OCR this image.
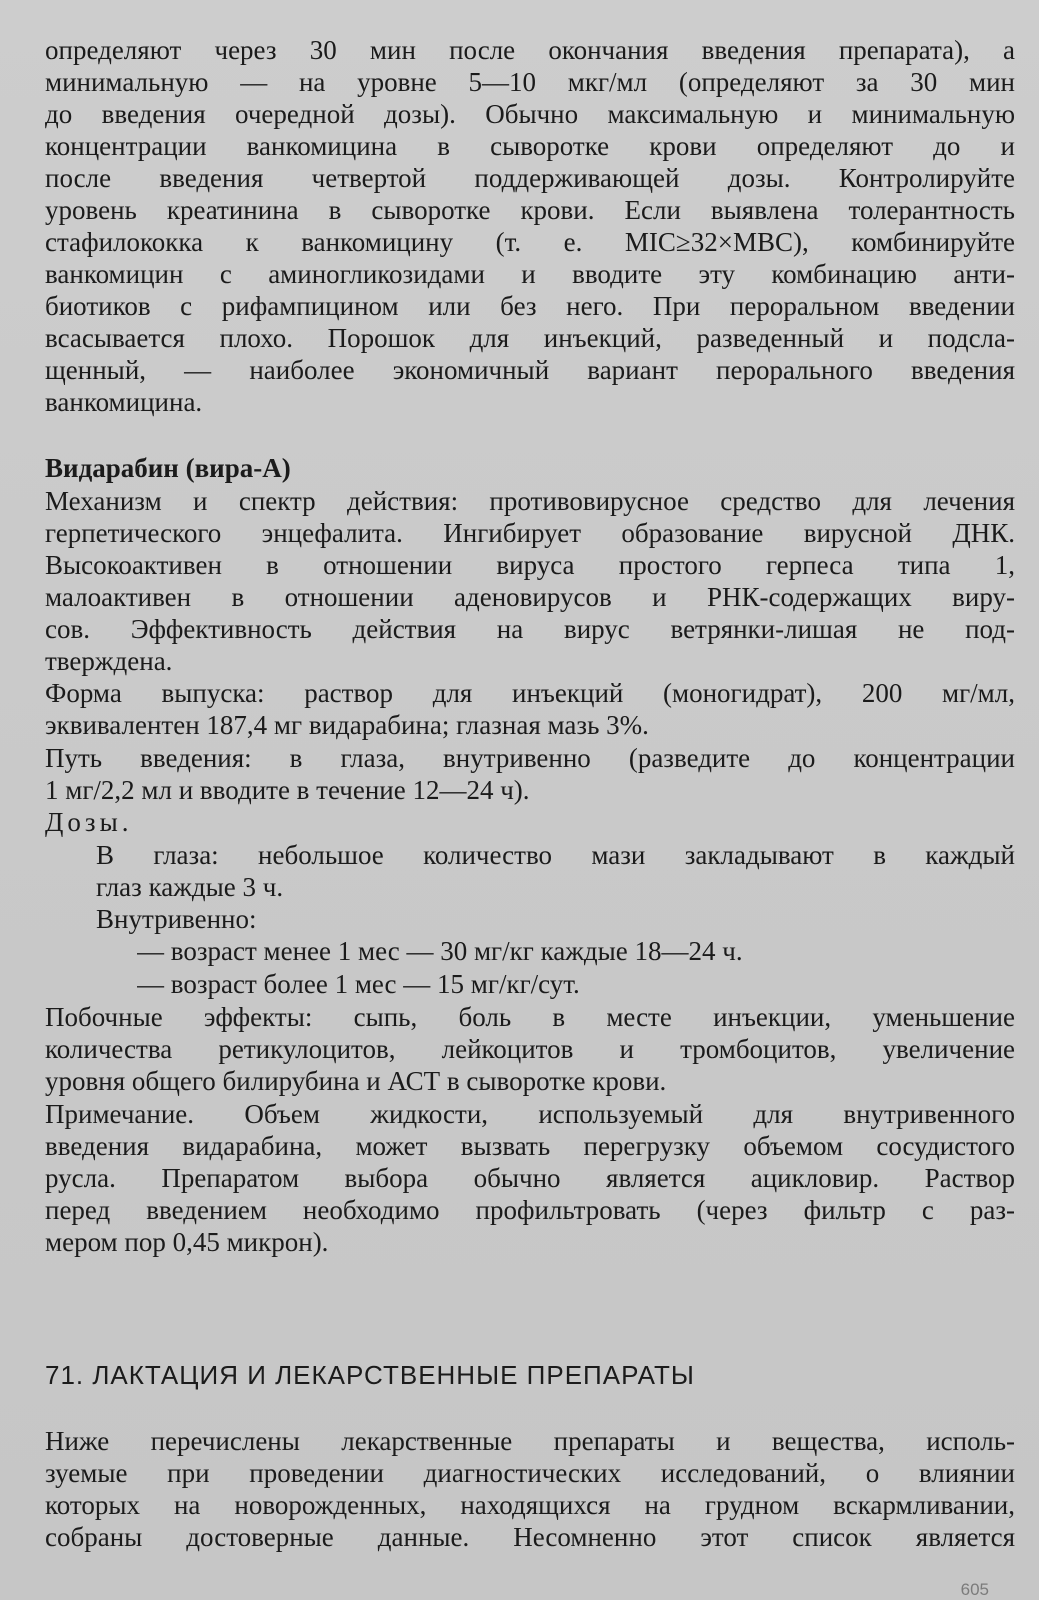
определяют через 30 мин после окончания введения препарата), а

минимальную — на уровне 5—10 мкг/мл (определяют за 30 мин

до введения очередной дозы). Обычно максимальную и минимальную

концентрации ванкомицина в сыворотке крови определяют до и

после введения четвертой поддерживающей дозы. Контролируйте

уровень креатинина в сыворотке крови. Если выявлена толерантность

стафилококка к ванкомицину (т. е. MIC≥32×MBC), комбинируйте

ванкомицин с аминогликозидами и вводите эту комбинацию анти-

биотиков с рифампицином или без него. При пероральном введении

всасывается плохо. Порошок для инъекций, разведенный и подсла-

щенный, — наиболее экономичный вариант перорального введения

ванкомицина.

Видарабин (вира-А)

Механизм и спектр действия: противовирусное средство для лечения

герпетического энцефалита. Ингибирует образование вирусной ДНК.

Высокоактивен в отношении вируса простого герпеса типа 1,

малоактивен в отношении аденовирусов и РНК-содержащих виру-

сов. Эффективность действия на вирус ветрянки-лишая не под-

тверждена.

Форма выпуска: раствор для инъекций (моногидрат), 200 мг/мл,

эквивалентен 187,4 мг видарабина; глазная мазь 3%.

Путь введения: в глаза, внутривенно (разведите до концентрации

1 мг/2,2 мл и вводите в течение 12—24 ч).

Дозы.

В глаза: небольшое количество мази закладывают в каждый

глаз каждые 3 ч.

Внутривенно:

— возраст менее 1 мес — 30 мг/кг каждые 18—24 ч.

— возраст более 1 мес — 15 мг/кг/сут.

Побочные эффекты: сыпь, боль в месте инъекции, уменьшение

количества ретикулоцитов, лейкоцитов и тромбоцитов, увеличение

уровня общего билирубина и АСТ в сыворотке крови.

Примечание. Объем жидкости, используемый для внутривенного

введения видарабина, может вызвать перегрузку объемом сосудистого

русла. Препаратом выбора обычно является ацикловир. Раствор

перед введением необходимо профильтровать (через фильтр с раз-

мером пор 0,45 микрон).

71. ЛАКТАЦИЯ И ЛЕКАРСТВЕННЫЕ ПРЕПАРАТЫ

Ниже перечислены лекарственные препараты и вещества, исполь-

зуемые при проведении диагностических исследований, о влиянии

которых на новорожденных, находящихся на грудном вскармливании,

собраны достоверные данные. Несомненно этот список является

605
